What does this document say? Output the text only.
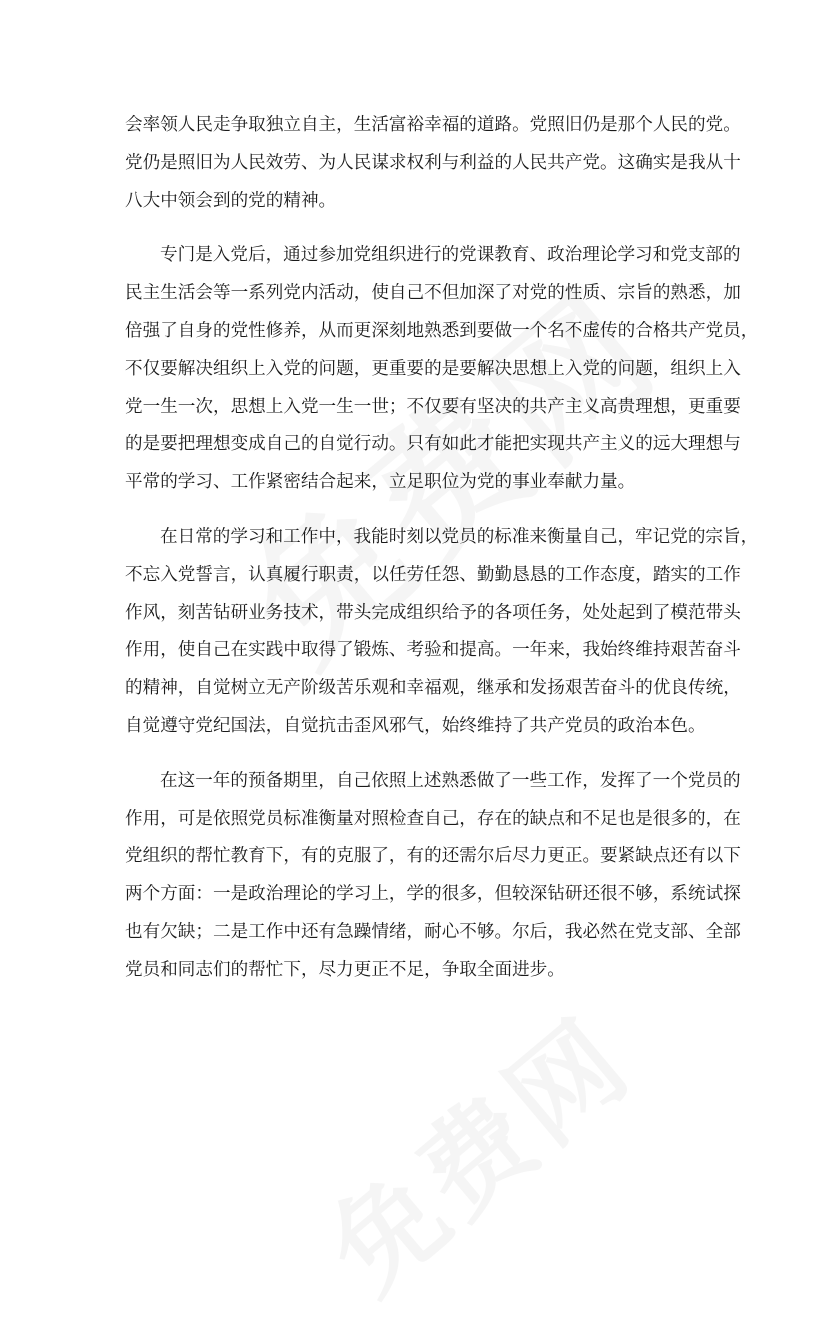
会率领人民走争取独立自主，生活富裕幸福的道路。党照旧仍是那个人民的党。
党仍是照旧为人民效劳、为人民谋求权利与利益的人民共产党。这确实是我从十
八大中领会到的党的精神。
专门是入党后，通过参加党组织进行的党课教育、政治理论学习和党支部的
民主生活会等一系列党内活动，使自己不但加深了对党的性质、宗旨的熟悉，加
倍强了自身的党性修养，从而更深刻地熟悉到要做一个名不虚传的合格共产党员，
不仅要解决组织上入党的问题，更重要的是要解决思想上入党的问题，组织上入
党一生一次，思想上入党一生一世；不仅要有坚决的共产主义高贵理想，更重要
的是要把理想变成自己的自觉行动。只有如此才能把实现共产主义的远大理想与
平常的学习、工作紧密结合起来，立足职位为党的事业奉献力量。
在日常的学习和工作中，我能时刻以党员的标准来衡量自己，牢记党的宗旨，
不忘入党誓言，认真履行职责，以任劳任怨、勤勤恳恳的工作态度，踏实的工作
作风，刻苦钻研业务技术，带头完成组织给予的各项任务，处处起到了模范带头
作用，使自己在实践中取得了锻炼、考验和提高。一年来，我始终维持艰苦奋斗
的精神，自觉树立无产阶级苦乐观和幸福观，继承和发扬艰苦奋斗的优良传统，
自觉遵守党纪国法，自觉抗击歪风邪气，始终维持了共产党员的政治本色。
在这一年的预备期里，自己依照上述熟悉做了一些工作，发挥了一个党员的
作用，可是依照党员标准衡量对照检查自己，存在的缺点和不足也是很多的，在
党组织的帮忙教育下，有的克服了，有的还需尔后尽力更正。要紧缺点还有以下
两个方面：一是政治理论的学习上，学的很多，但较深钻研还很不够，系统试探
也有欠缺；二是工作中还有急躁情绪，耐心不够。尔后，我必然在党支部、全部
党员和同志们的帮忙下，尽力更正不足，争取全面进步。
